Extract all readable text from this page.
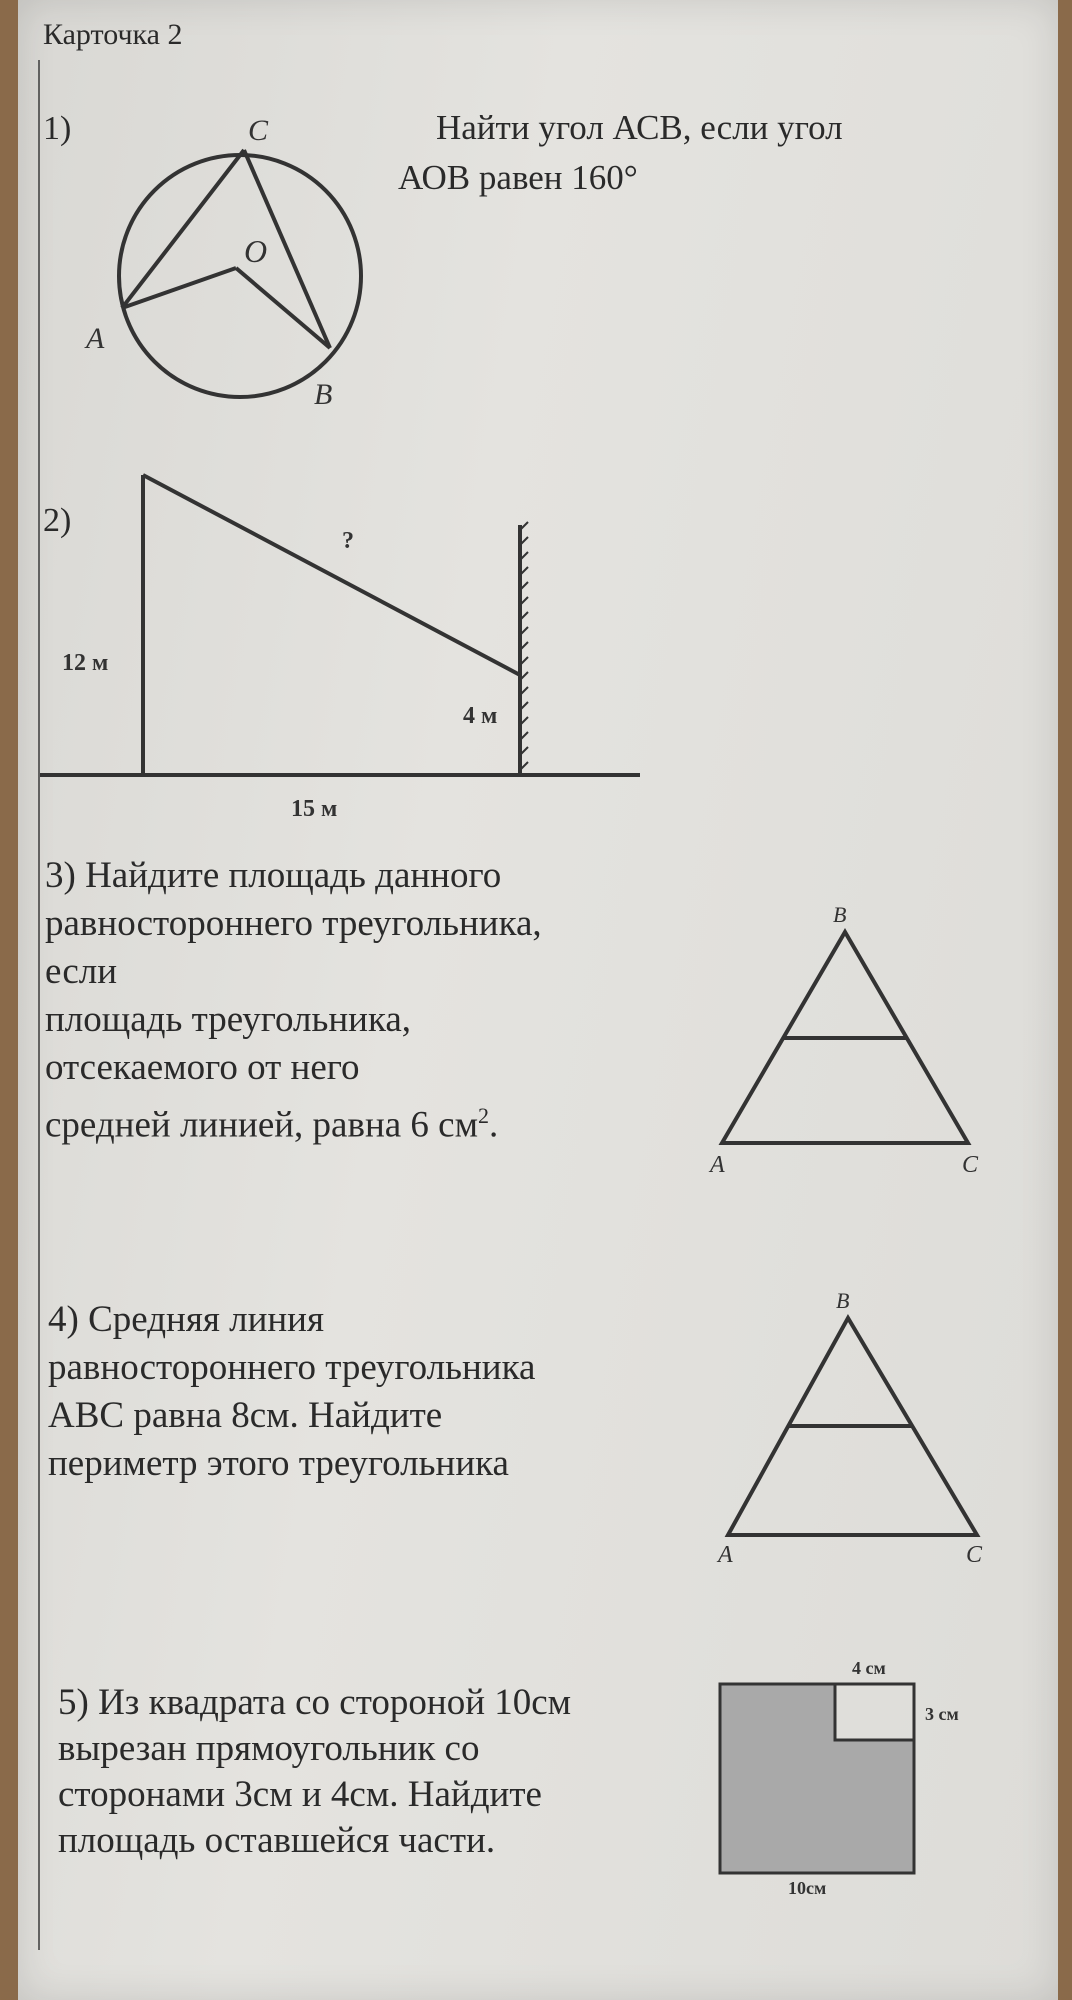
Карточка 2
1)	Найти угол АСВ, если угол
АОВ равен 160°
C
O
A
B
2)
?
12 м
4 м
15 м
3) Найдите площадь данного
равностороннего треугольника,
если
площадь треугольника,
отсекаемого от него
средней линией, равна 6 $см^2$.
B
A	C
4) Средняя линия
равностороннего треугольника
АВС равна 8см. Найдите
периметр этого треугольника
B
A	C
5) Из квадрата со стороной 10см
вырезан прямоугольник со
сторонами 3см и 4см. Найдите
площадь оставшейся части.
4 см
3 см
10см
